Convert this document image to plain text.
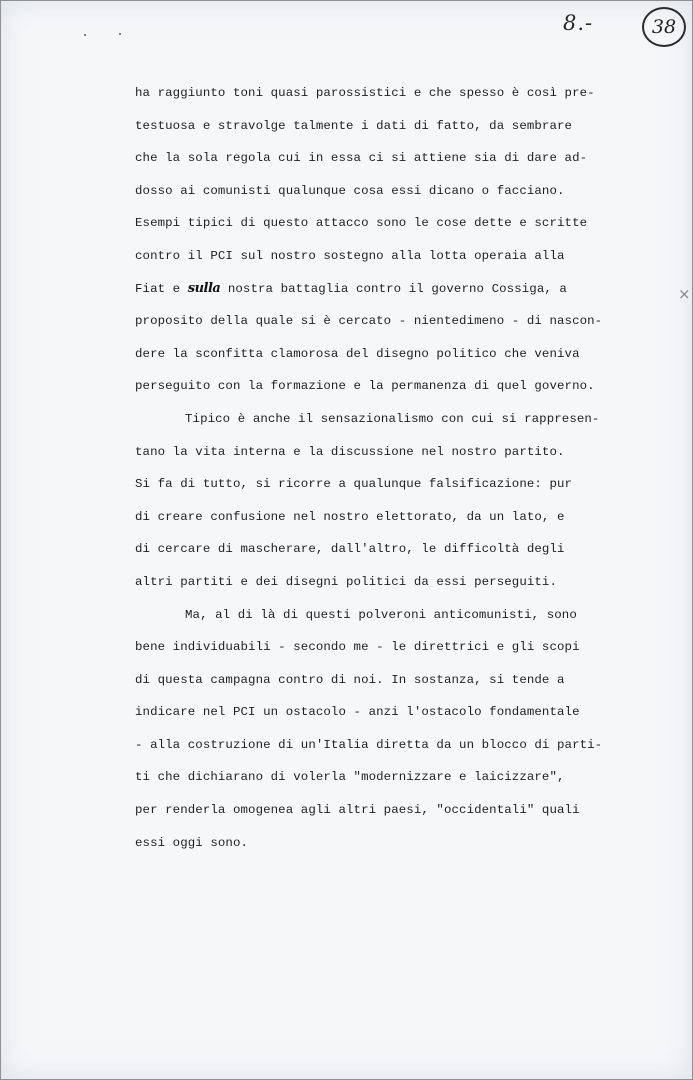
8.-	38
×
ha raggiunto toni quasi parossistici e che spesso è così pre-
testuosa e stravolge talmente i dati di fatto, da sembrare
che la sola regola cui in essa ci si attiene sia di dare ad-
dosso ai comunisti qualunque cosa essi dicano o facciano.
Esempi tipici di questo attacco sono le cose dette e scritte
contro il PCI sul nostro sostegno alla lotta operaia alla
Fiat e sulla nostra battaglia contro il governo Cossiga, a
proposito della quale si è cercato - nientedimeno - di nascon-
dere la sconfitta clamorosa del disegno politico che veniva
perseguito con la formazione e la permanenza di quel governo.
Tipico è anche il sensazionalismo con cui si rappresen-
tano la vita interna e la discussione nel nostro partito.
Si fa di tutto, si ricorre a qualunque falsificazione: pur
di creare confusione nel nostro elettorato, da un lato, e
di cercare di mascherare, dall'altro, le difficoltà degli
altri partiti e dei disegni politici da essi perseguiti.
Ma, al di là di questi polveroni anticomunisti, sono
bene individuabili - secondo me - le direttrici e gli scopi
di questa campagna contro di noi. In sostanza, si tende a
indicare nel PCI un ostacolo - anzi l'ostacolo fondamentale
- alla costruzione di un'Italia diretta da un blocco di parti-
ti che dichiarano di volerla "modernizzare e laicizzare",
per renderla omogenea agli altri paesi, "occidentali" quali
essi oggi sono.
